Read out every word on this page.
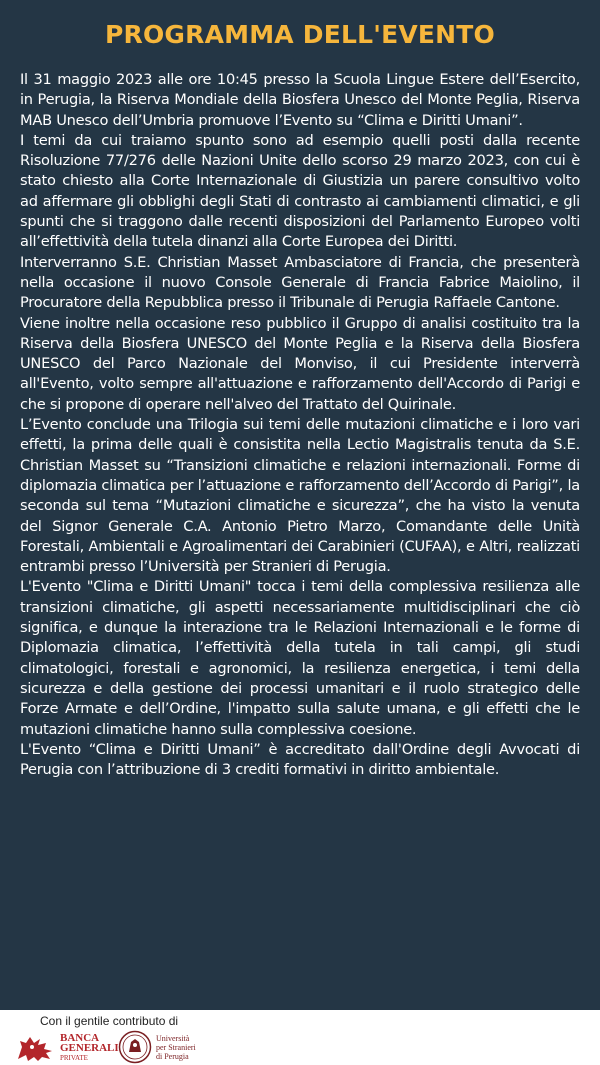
PROGRAMMA DELL'EVENTO

Il 31 maggio 2023 alle ore 10:45 presso la Scuola Lingue Estere dell’Esercito, in Perugia, la Riserva Mondiale della Biosfera Unesco del Monte Peglia, Riserva MAB Unesco dell’Umbria promuove l’Evento su “Clima e Diritti Umani”.

I temi da cui traiamo spunto sono ad esempio quelli posti dalla recente Risoluzione 77/276 delle Nazioni Unite dello scorso 29 marzo 2023, con cui è stato chiesto alla Corte Internazionale di Giustizia un parere consultivo volto ad affermare gli obblighi degli Stati di contrasto ai cambiamenti climatici, e gli spunti che si traggono dalle recenti disposizioni del Parlamento Europeo volti all’effettività della tutela dinanzi alla Corte Europea dei Diritti.

Interverranno S.E. Christian Masset Ambasciatore di Francia, che presenterà nella occasione il nuovo Console Generale di Francia Fabrice Maiolino, il Procuratore della Repubblica presso il Tribunale di Perugia Raffaele Cantone.

Viene inoltre nella occasione reso pubblico il Gruppo di analisi costituito tra la Riserva della Biosfera UNESCO del Monte Peglia e la Riserva della Biosfera UNESCO del Parco Nazionale del Monviso, il cui Presidente interverrà all'Evento, volto sempre all'attuazione e rafforzamento dell'Accordo di Parigi e che si propone di operare nell'alveo del Trattato del Quirinale.

L’Evento conclude una Trilogia sui temi delle mutazioni climatiche e i loro vari effetti, la prima delle quali è consistita nella Lectio Magistralis tenuta da S.E. Christian Masset su “Transizioni climatiche e relazioni internazionali. Forme di diplomazia climatica per l’attuazione e rafforzamento dell’Accordo di Parigi”, la seconda sul tema “Mutazioni climatiche e sicurezza”, che ha visto la venuta del Signor Generale C.A. Antonio Pietro Marzo, Comandante delle Unità Forestali, Ambientali e Agroalimentari dei Carabinieri (CUFAA), e Altri, realizzati entrambi presso l’Università per Stranieri di Perugia.

L'Evento "Clima e Diritti Umani" tocca i temi della complessiva resilienza alle transizioni climatiche, gli aspetti necessariamente multidisciplinari che ciò significa, e dunque la interazione tra le Relazioni Internazionali e le forme di Diplomazia climatica, l’effettività della tutela in tali campi, gli studi climatologici, forestali e agronomici, la resilienza energetica, i temi della sicurezza e della gestione dei processi umanitari e il ruolo strategico delle Forze Armate e dell’Ordine, l'impatto sulla salute umana, e gli effetti che le mutazioni climatiche hanno sulla complessiva coesione.

L'Evento “Clima e Diritti Umani” è accreditato dall'Ordine degli Avvocati di Perugia con l’attribuzione di 3 crediti formativi in diritto ambientale.

Con il gentile contributo di
BANCA
GENERALI
PRIVATE
Università
per Stranieri
di Perugia
